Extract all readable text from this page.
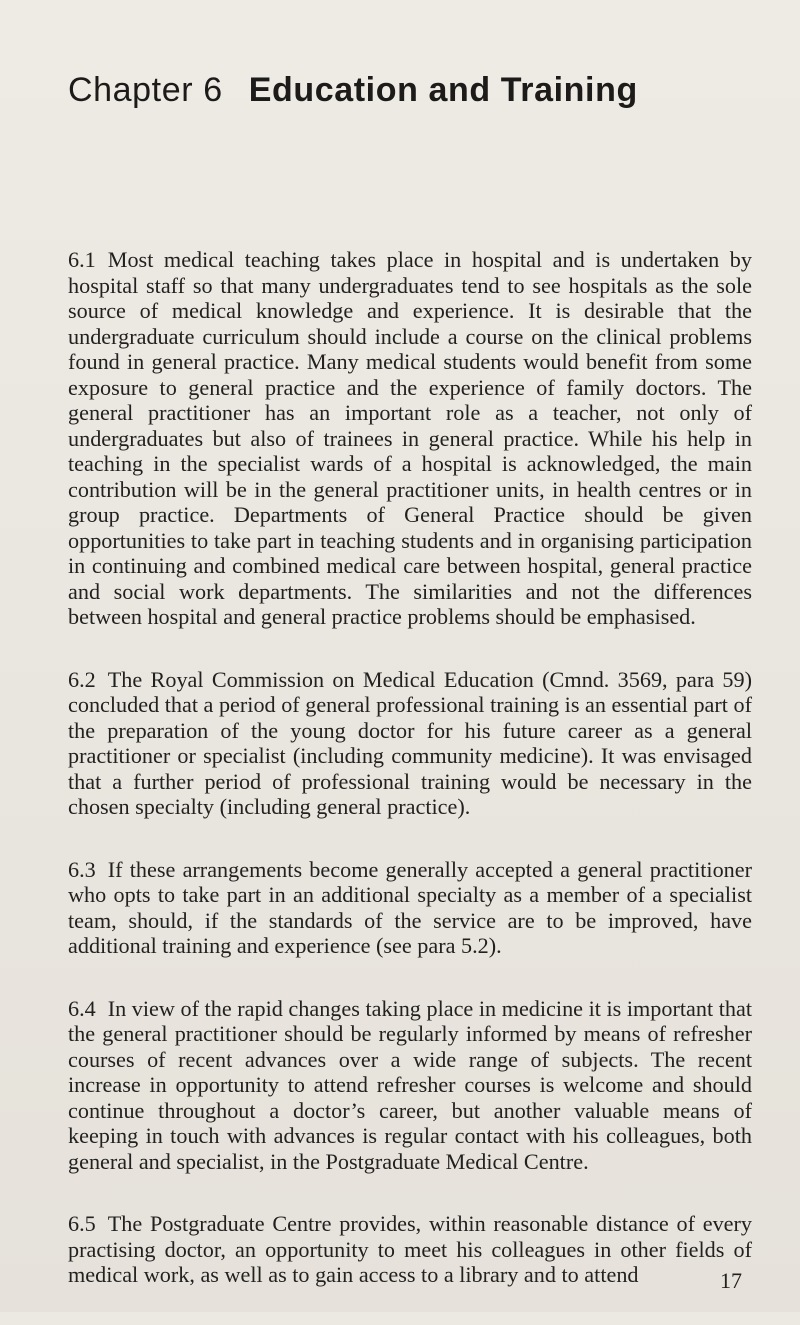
Chapter 6 Education and Training

6.1 Most medical teaching takes place in hospital and is undertaken by hospital staff so that many undergraduates tend to see hospitals as the sole source of medical knowledge and experience. It is desirable that the undergraduate curriculum should include a course on the clinical problems found in general practice. Many medical students would benefit from some exposure to general practice and the experience of family doctors. The general practitioner has an important role as a teacher, not only of undergraduates but also of trainees in general practice. While his help in teaching in the specialist wards of a hospital is acknowledged, the main contribution will be in the general practitioner units, in health centres or in group practice. Departments of General Practice should be given opportunities to take part in teaching students and in organising participation in continuing and combined medical care between hospital, general practice and social work departments. The similarities and not the differences between hospital and general practice problems should be emphasised.

6.2 The Royal Commission on Medical Education (Cmnd. 3569, para 59) concluded that a period of general professional training is an essential part of the preparation of the young doctor for his future career as a general practitioner or specialist (including community medicine). It was envisaged that a further period of professional training would be necessary in the chosen specialty (including general practice).

6.3 If these arrangements become generally accepted a general practitioner who opts to take part in an additional specialty as a member of a specialist team, should, if the standards of the service are to be improved, have additional training and experience (see para 5.2).

6.4 In view of the rapid changes taking place in medicine it is important that the general practitioner should be regularly informed by means of refresher courses of recent advances over a wide range of subjects. The recent increase in opportunity to attend refresher courses is welcome and should continue throughout a doctor’s career, but another valuable means of keeping in touch with advances is regular contact with his colleagues, both general and specialist, in the Postgraduate Medical Centre.

6.5 The Postgraduate Centre provides, within reasonable distance of every practising doctor, an opportunity to meet his colleagues in other fields of medical work, as well as to gain access to a library and to attend	17
